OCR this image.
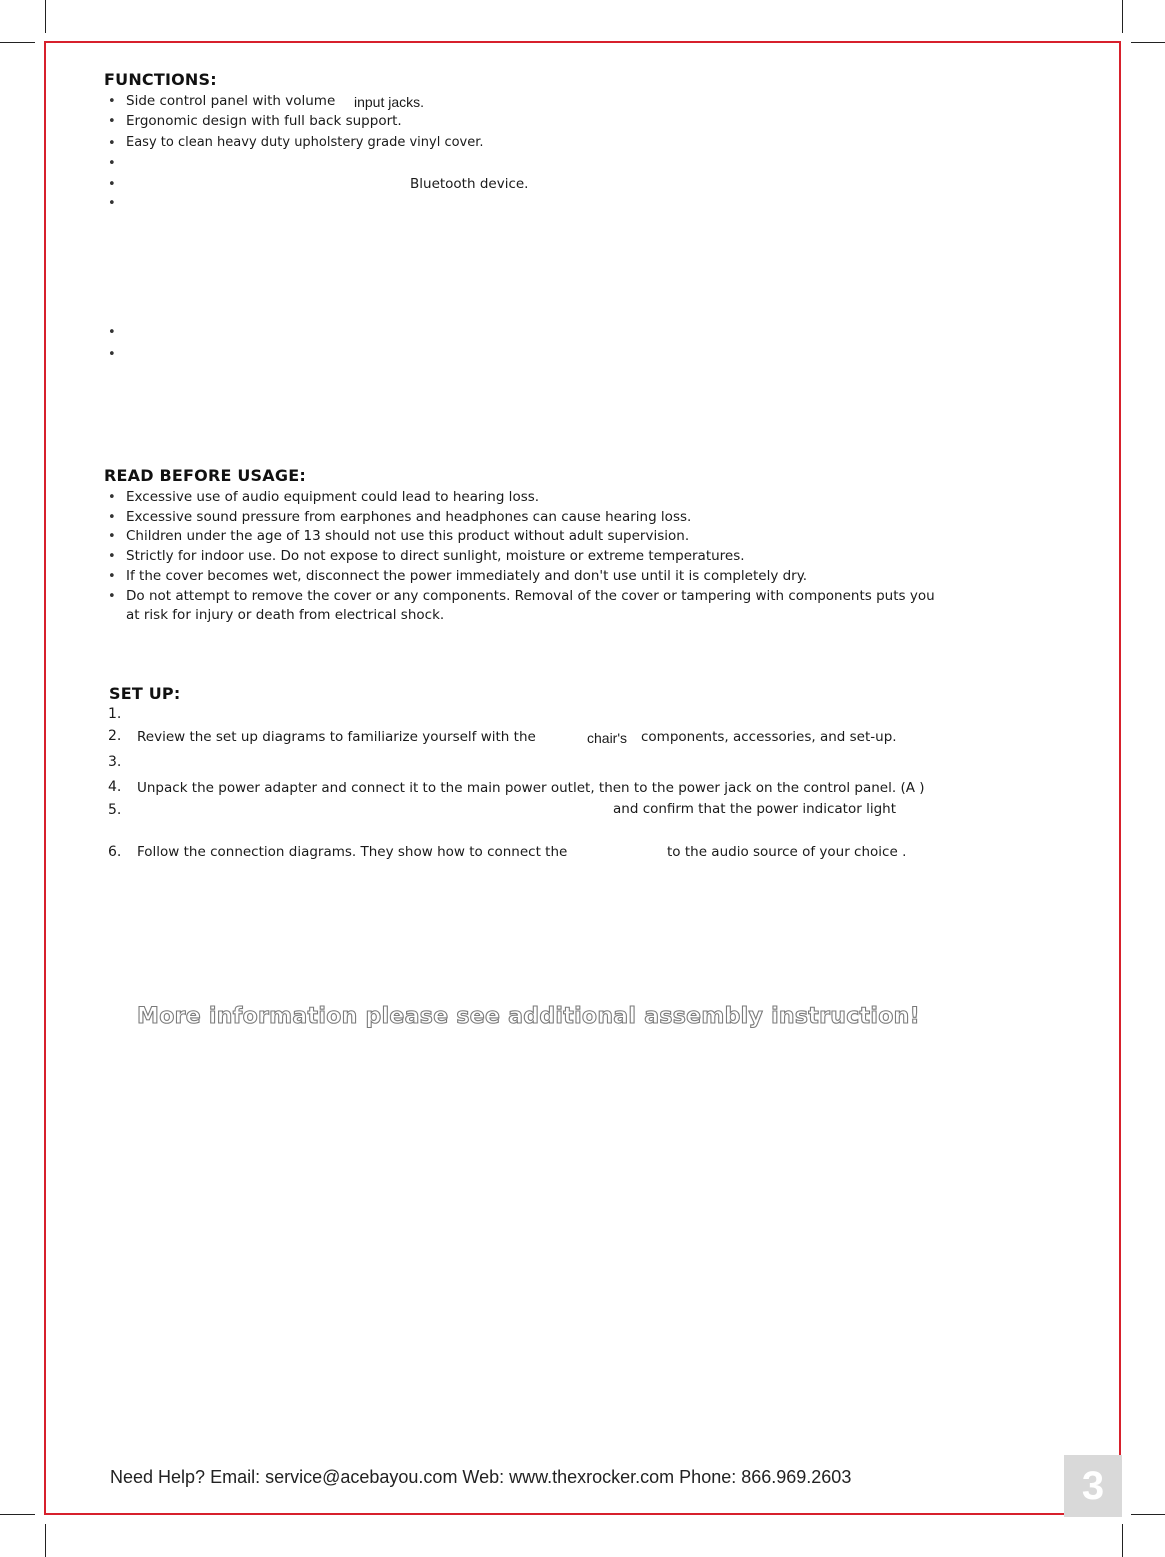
FUNCTIONS:
• Side control panel with volume input jacks.
• Ergonomic design with full back support.
• Easy to clean heavy duty upholstery grade vinyl cover.
•
•	Bluetooth device.
•
•
•
READ BEFORE USAGE:
• Excessive use of audio equipment could lead to hearing loss.
• Excessive sound pressure from earphones and headphones can cause hearing loss.
• Children under the age of 13 should not use this product without adult supervision.
• Strictly for indoor use. Do not expose to direct sunlight, moisture or extreme temperatures.
• If the cover becomes wet, disconnect the power immediately and don't use until it is completely dry.
• Do not attempt to remove the cover or any components. Removal of the cover or tampering with components puts you
at risk for injury or death from electrical shock.
SET UP:
1.
2. Review the set up diagrams to familiarize yourself with the	chair's components, accessories, and set-up.
3.
4. Unpack the power adapter and connect it to the main power outlet, then to the power jack on the control panel. (A )
5.	and confirm that the power indicator light
6. Follow the connection diagrams. They show how to connect the	to the audio source of your choice .
More information please see additional assembly instruction!
Need Help? Email: service@acebayou.com Web: www.thexrocker.com Phone: 866.969.2603	3
